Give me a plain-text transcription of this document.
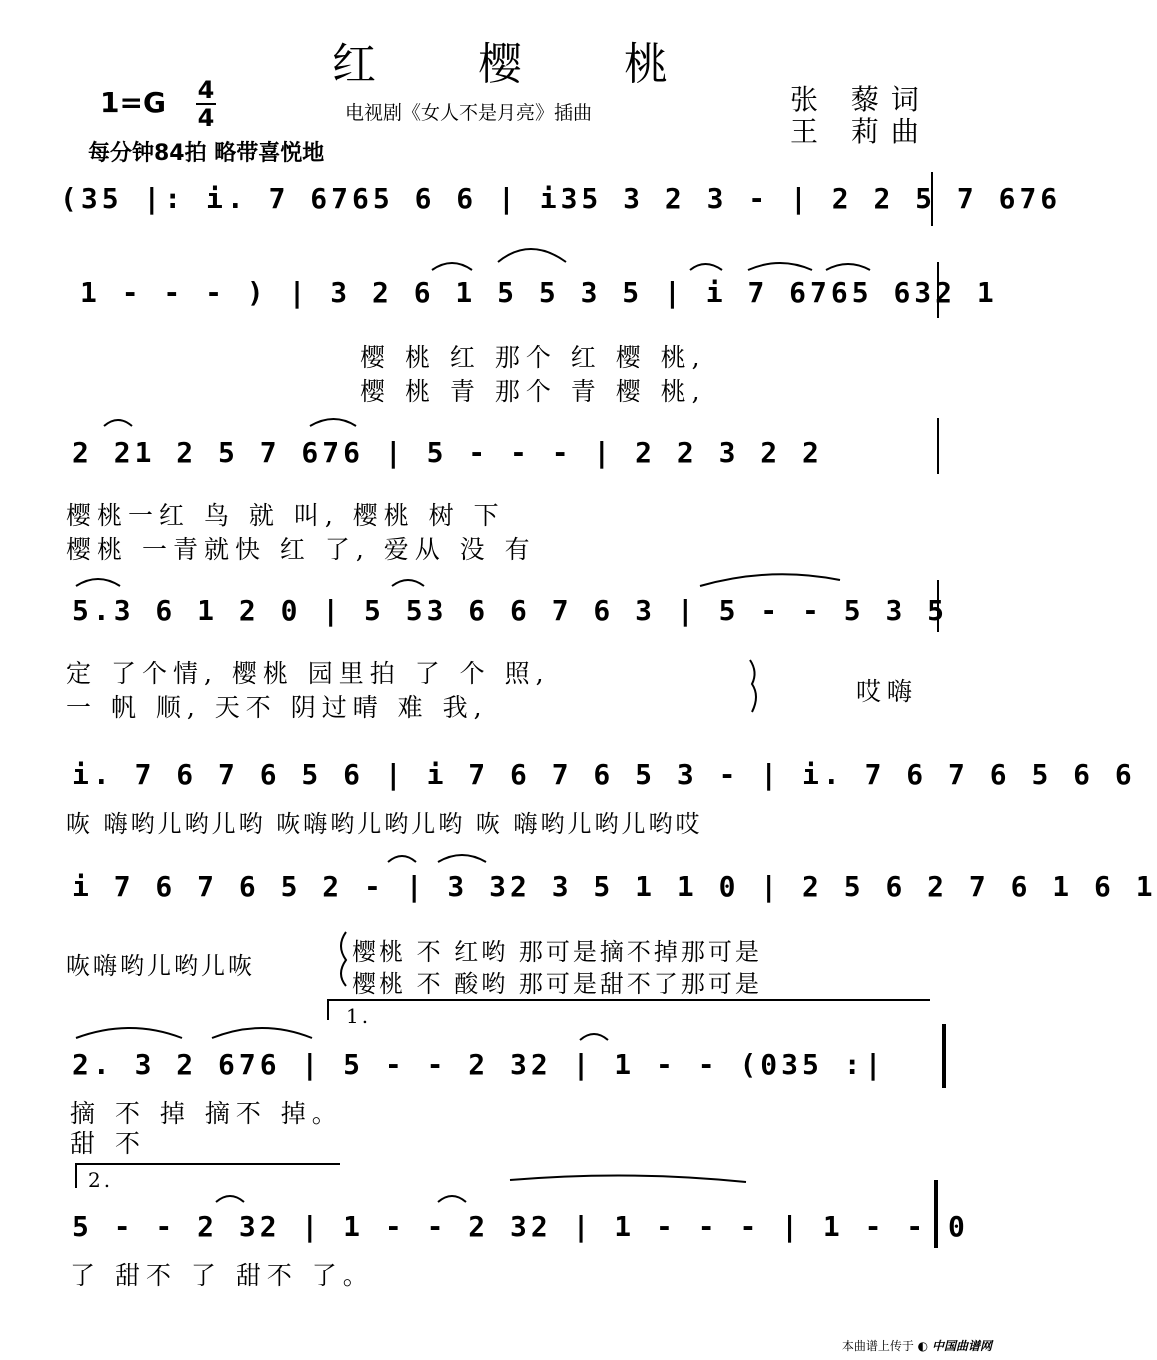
红 樱 桃
1=G 4
4	电视剧《女人不是月亮》插曲	张 藜词
王 莉曲
每分钟84拍 略带喜悦地
(35 |: i. 7 6765 6 6 | i35 3 2 3 - | 2 2 5 7 676
1 - - - ) | 3 2 6 1 5 5 3 5 | i 7 6765 632 1
樱 桃 红 那个 红 樱 桃,
樱 桃 青 那个 青 樱 桃,
2 21 2 5 7 676 | 5 - - - | 2 2 3 2 2
樱桃一红 鸟 就 叫, 樱桃 树 下
樱桃 一青就快 红 了, 爱从 没 有
5.3 6 1 2 0 | 5 53 6 6 7 6 3 | 5 - - 5 3 5
定 了个情, 樱桃 园里拍 了 个 照,
一 帆 顺, 天不 阴过晴 难 我,
哎嗨
i. 7 6 7 6 5 6 | i 7 6 7 6 5 3 - | i. 7 6 7 6 5 6 6
咴 嗨哟儿哟儿哟 咴嗨哟儿哟儿哟 咴 嗨哟儿哟儿哟哎
i 7 6 7 6 5 2 - | 3 32 3 5 1 1 0 | 2 5 6 2 7 6 1 6 1
咴嗨哟儿哟儿咴	樱桃 不 红哟 那可是摘不掉那可是
樱桃 不 酸哟 那可是甜不了那可是
1.
2. 3 2 676 | 5 - - 2 32 | 1 - - (035 :|
摘 不 掉 摘不 掉。
甜 不
2.
5 - - 2 32 | 1 - - 2 32 | 1 - - - | 1 - - 0
了 甜不 了 甜不 了。
本曲谱上传于 ◐ 中国曲谱网
